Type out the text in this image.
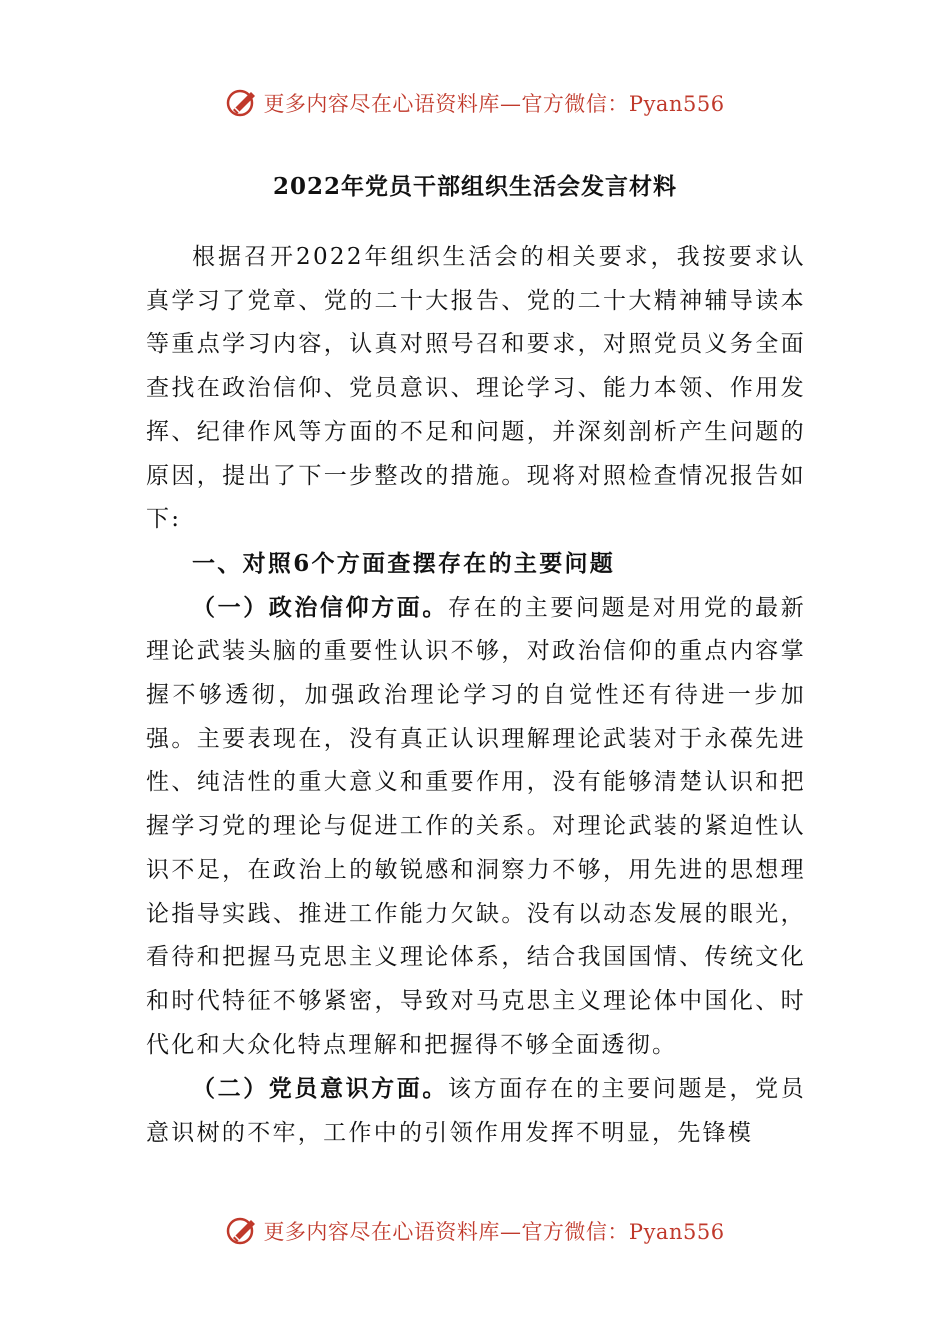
更多内容尽在心语资料库—官方微信：Pyan556
2022年党员干部组织生活会发言材料

根据召开2022年组织生活会的相关要求，我按要求认真学习了党章、党的二十大报告、党的二十大精神辅导读本等重点学习内容，认真对照号召和要求，对照党员义务全面查找在政治信仰、党员意识、理论学习、能力本领、作用发挥、纪律作风等方面的不足和问题，并深刻剖析产生问题的原因，提出了下一步整改的措施。现将对照检查情况报告如下:

一、对照6个方面查摆存在的主要问题

（一）政治信仰方面。存在的主要问题是对用党的最新理论武装头脑的重要性认识不够，对政治信仰的重点内容掌握不够透彻，加强政治理论学习的自觉性还有待进一步加强。主要表现在，没有真正认识理解理论武装对于永葆先进性、纯洁性的重大意义和重要作用，没有能够清楚认识和把握学习党的理论与促进工作的关系。对理论武装的紧迫性认识不足，在政治上的敏锐感和洞察力不够，用先进的思想理论指导实践、推进工作能力欠缺。没有以动态发展的眼光，看待和把握马克思主义理论体系，结合我国国情、传统文化和时代特征不够紧密，导致对马克思主义理论体中国化、时代化和大众化特点理解和把握得不够全面透彻。

（二）党员意识方面。该方面存在的主要问题是，党员意识树的不牢，工作中的引领作用发挥不明显，先锋模

更多内容尽在心语资料库—官方微信：Pyan556
